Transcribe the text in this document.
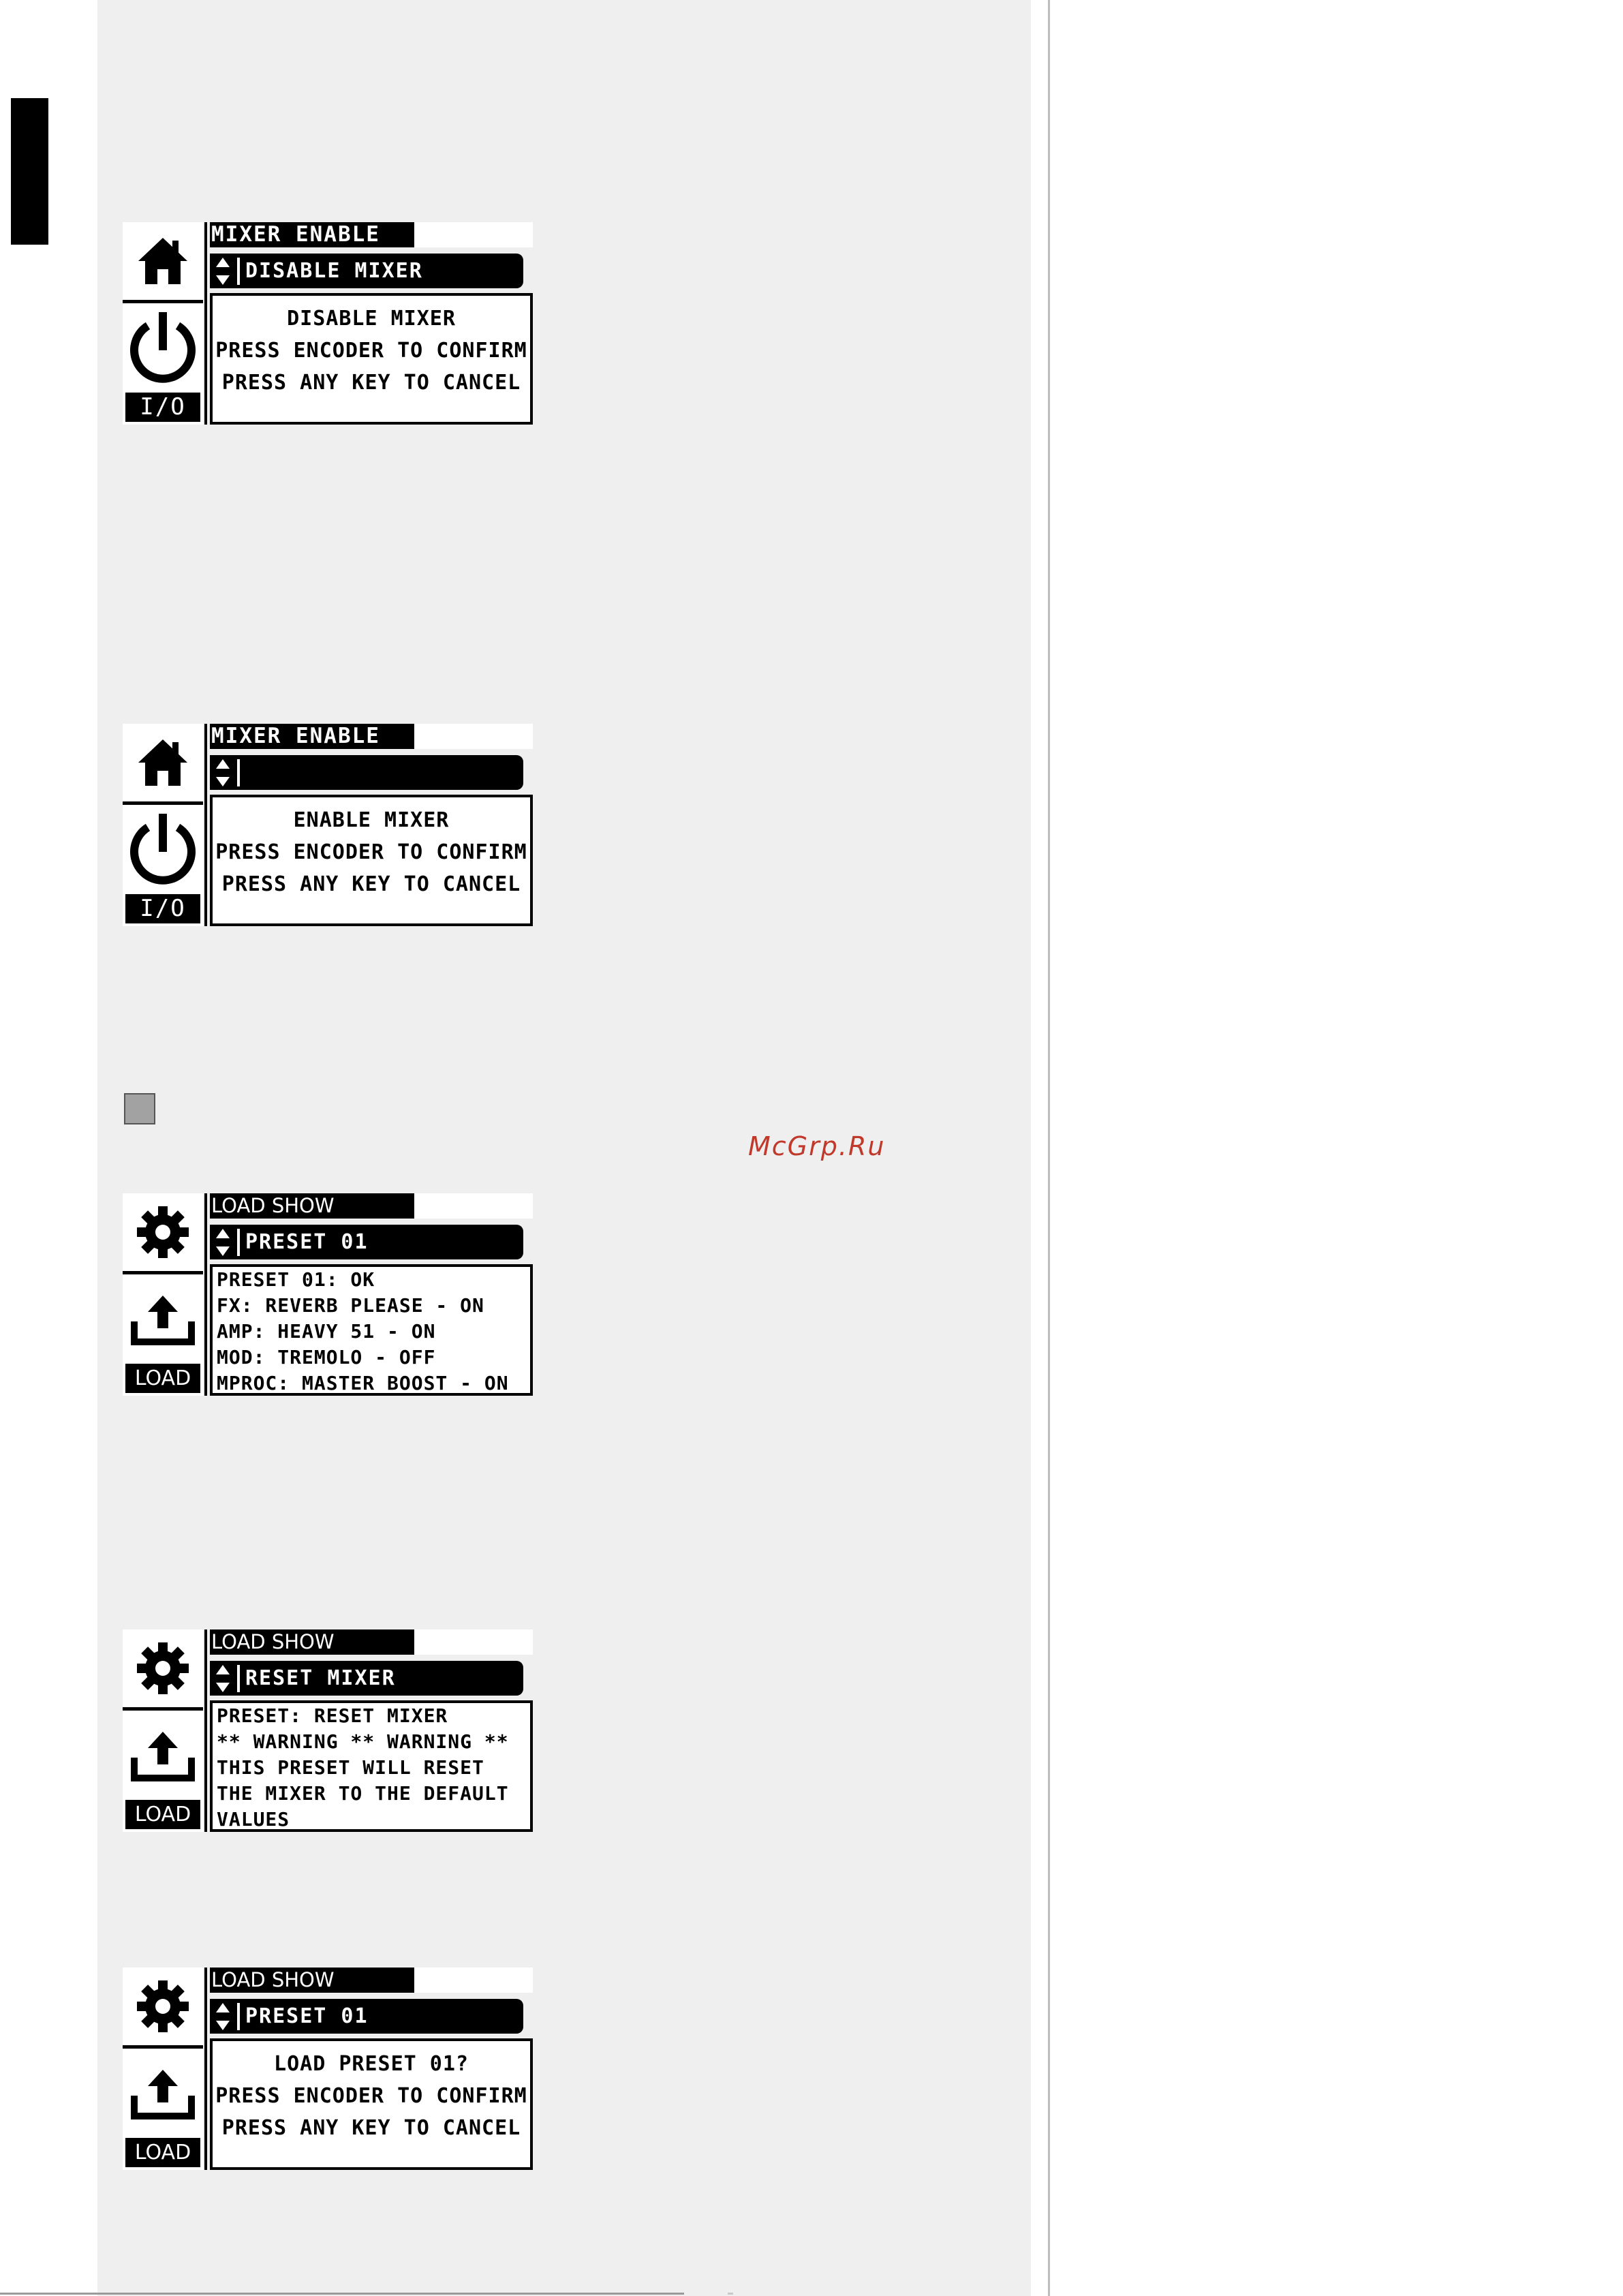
I/O
MIXER ENABLE
DISABLE MIXER
DISABLE MIXER
PRESS ENCODER TO CONFIRM
PRESS ANY KEY TO CANCEL
I/O
MIXER ENABLE
ENABLE MIXER
PRESS ENCODER TO CONFIRM
PRESS ANY KEY TO CANCEL
McGrp.Ru
LOAD
LOAD SHOW
PRESET 01
PRESET 01: OK
FX: REVERB PLEASE - ON
AMP: HEAVY 51 - ON
MOD: TREMOLO - OFF
MPROC: MASTER BOOST - ON
LOAD
LOAD SHOW
RESET MIXER
PRESET: RESET MIXER
** WARNING ** WARNING **
THIS PRESET WILL RESET
THE MIXER TO THE DEFAULT
VALUES
LOAD
LOAD SHOW
PRESET 01
LOAD PRESET 01?
PRESS ENCODER TO CONFIRM
PRESS ANY KEY TO CANCEL
